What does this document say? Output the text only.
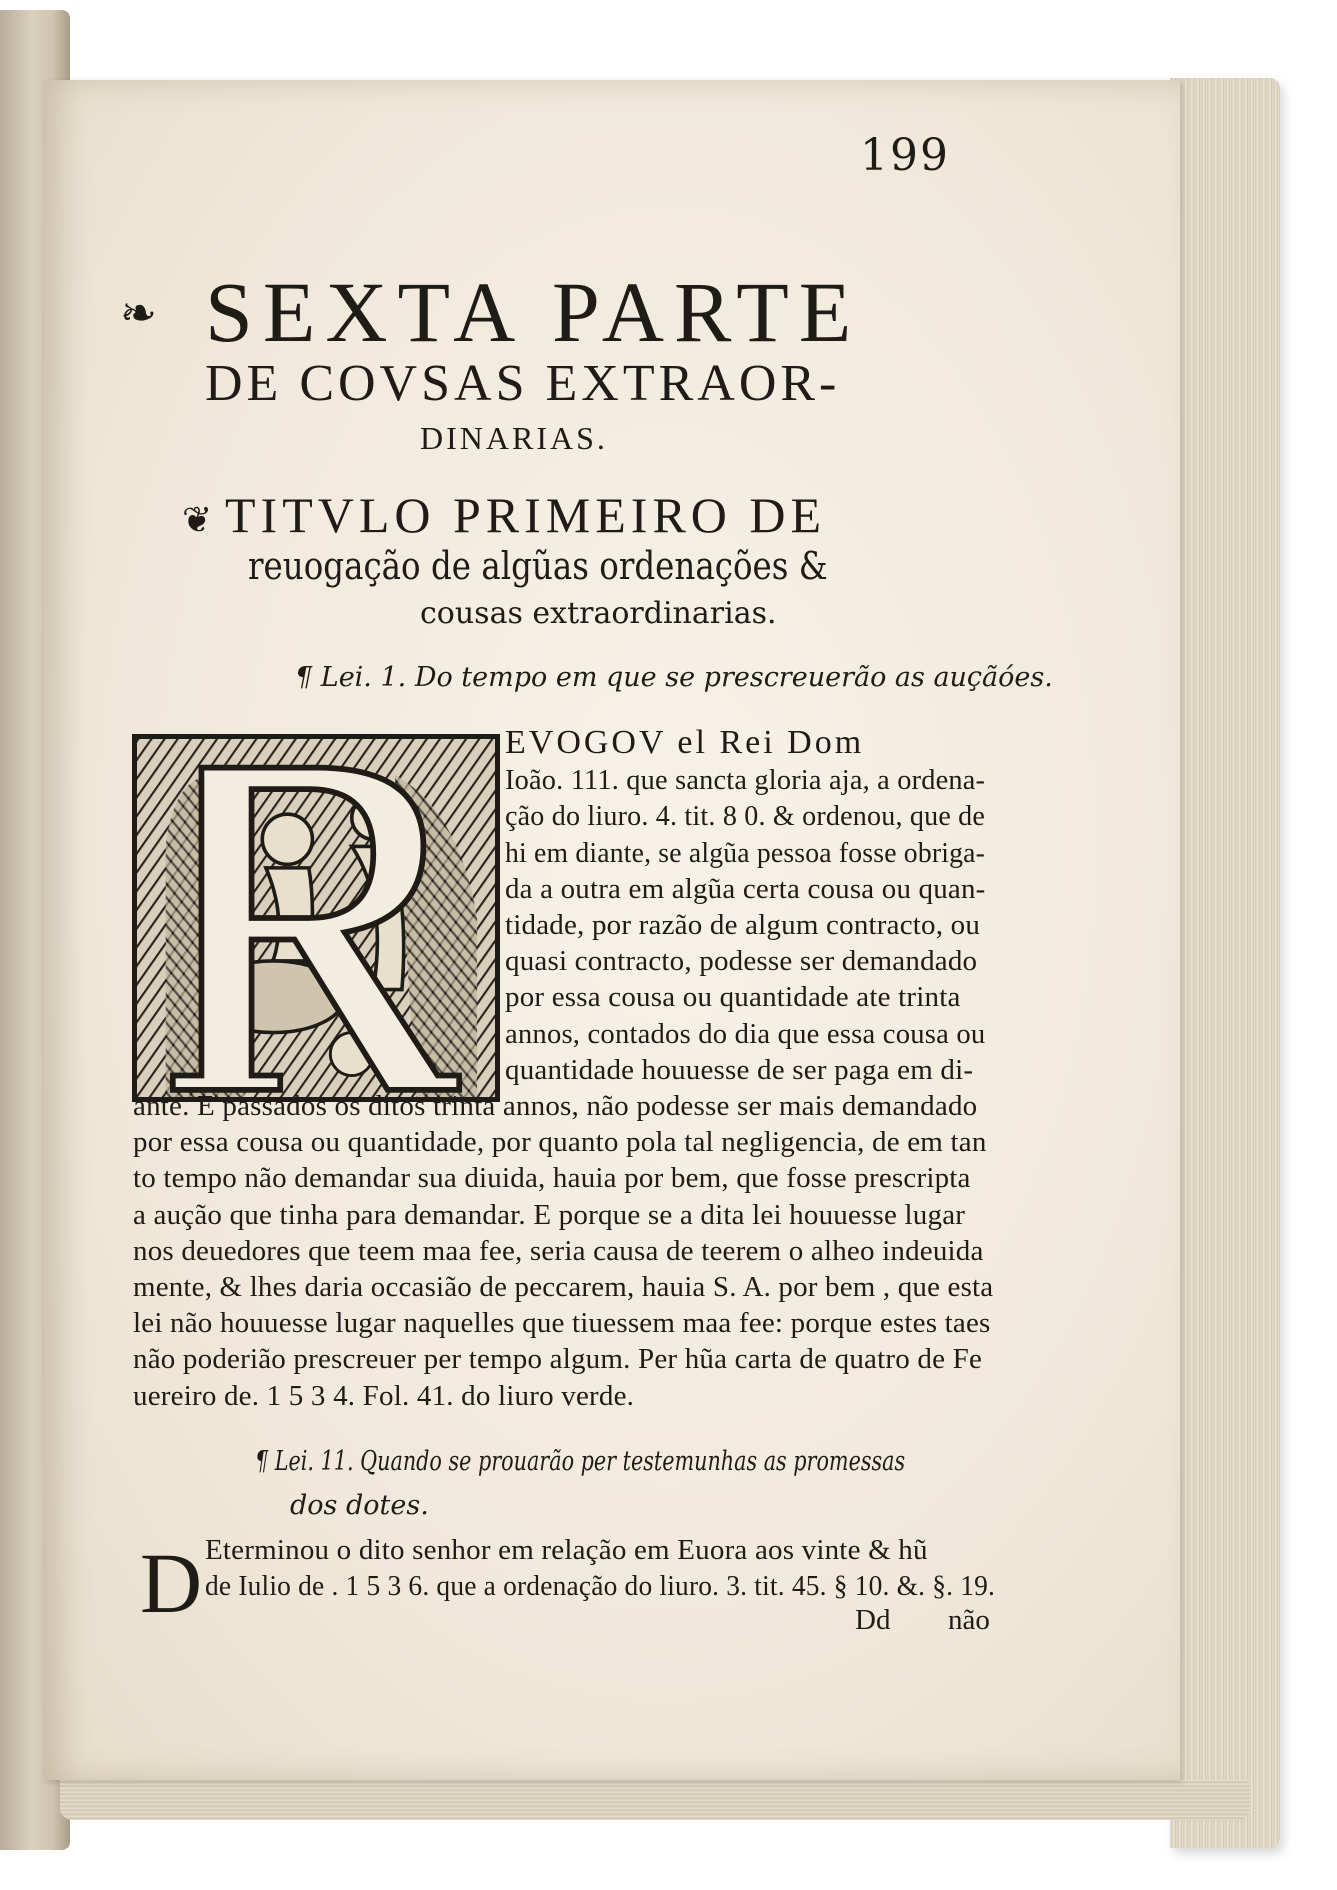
199
❧ SEXTA PARTE
DE COVSAS EXTRAOR-
DINARIAS.
❦ TITVLO PRIMEIRO DE
reuogação de algũas ordenações &
cousas extraordinarias.
¶ Lei. 1. Do tempo em que se prescreuerão as auçãóes.
EVOGOV el Rei Dom
Ioão. 111. que sancta gloria aja, a ordena-
ção do liuro. 4. tit. 8 0. & ordenou, que de
hi em diante, se algũa pessoa fosse obriga-
da a outra em algũa certa cousa ou quan-
tidade, por razão de algum contracto, ou
quasi contracto, podesse ser demandado
por essa cousa ou quantidade ate trinta
annos, contados do dia que essa cousa ou
quantidade houuesse de ser paga em di-
ante. E passados os ditos trinta annos, não podesse ser mais demandado
por essa cousa ou quantidade, por quanto pola tal negligencia, de em tan
to tempo não demandar sua diuida, hauia por bem, que fosse prescripta
a aução que tinha para demandar. E porque se a dita lei houuesse lugar
nos deuedores que teem maa fee, seria causa de teerem o alheo indeuida
mente, & lhes daria occasião de peccarem, hauia S. A. por bem , que esta
lei não houuesse lugar naquelles que tiuessem maa fee: porque estes taes
não poderião prescreuer per tempo algum. Per hũa carta de quatro de Fe
uereiro de. 1 5 3 4. Fol. 41. do liuro verde.
¶ Lei. 11. Quando se prouarão per testemunhas as promessas
dos dotes.
D Eterminou o dito senhor em relação em Euora aos vinte & hũ
de Iulio de . 1 5 3 6. que a ordenação do liuro. 3. tit. 45. § 10. &. §. 19.
Dd não
